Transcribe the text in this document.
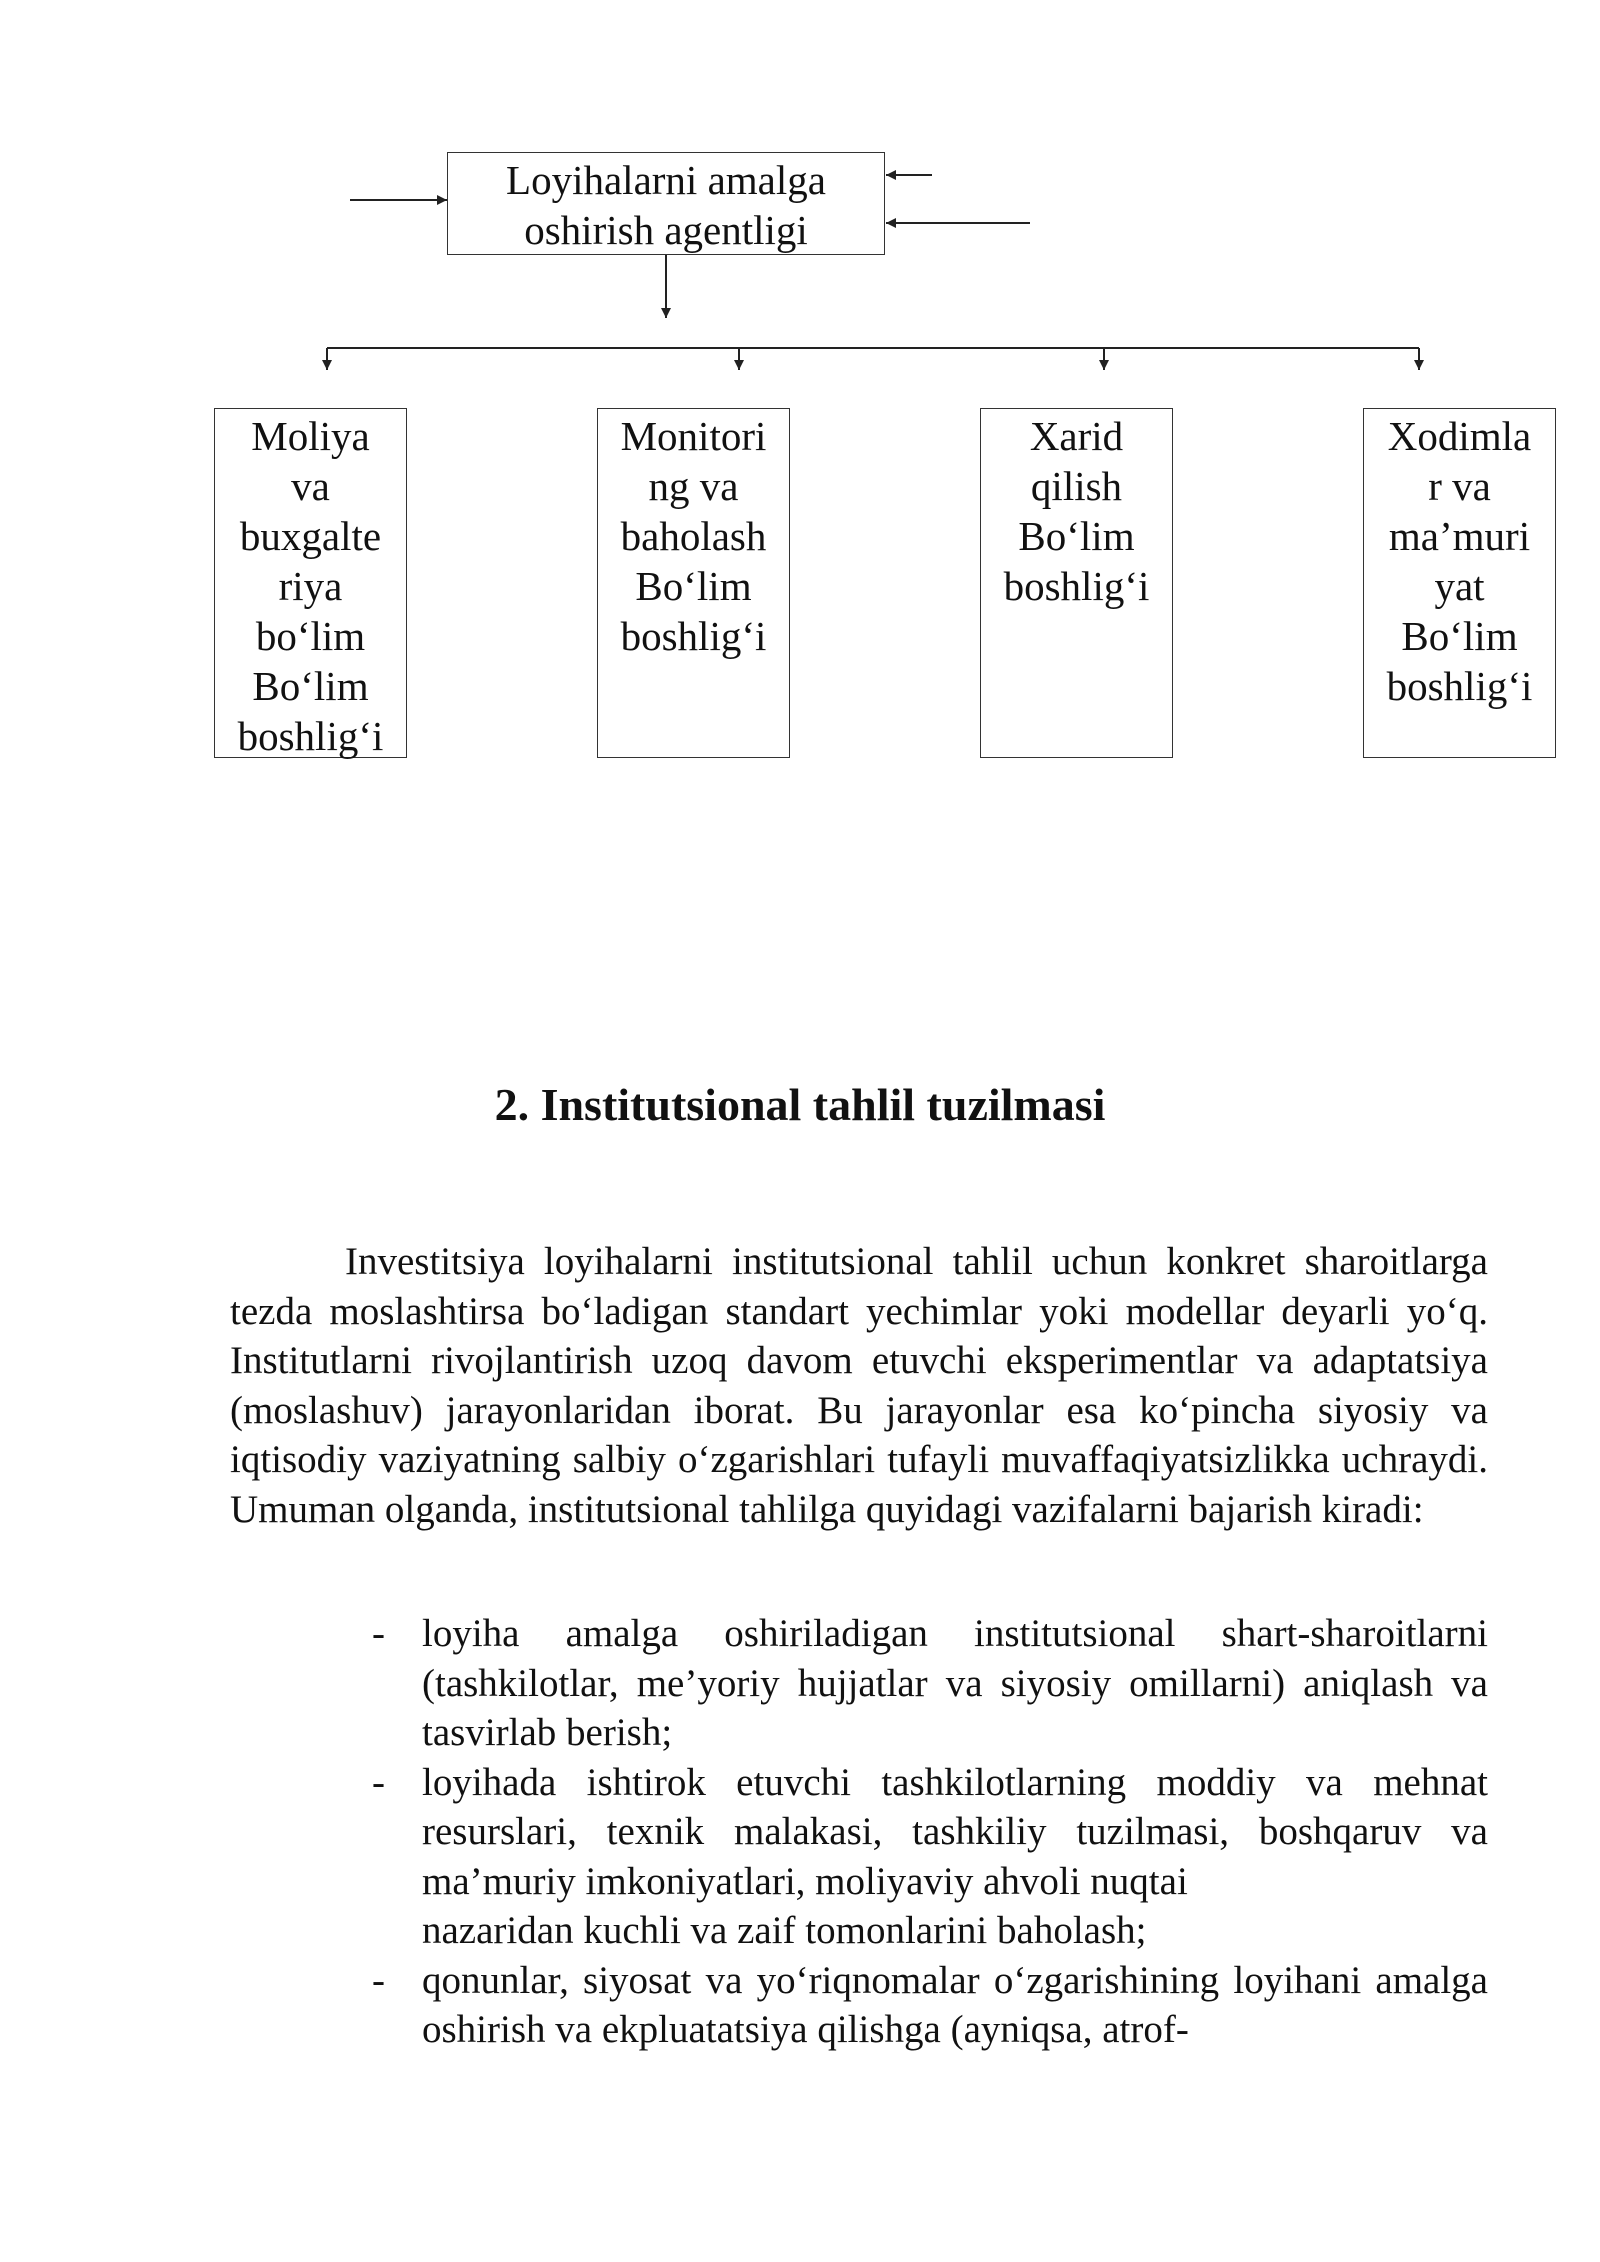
Loyihalarni amalga
oshirish agentligi
Moliya
va
buxgalte
riya
bo‘lim
Bo‘lim
boshlig‘i
Monitori
ng va
baholash
Bo‘lim
boshlig‘i
Xarid
qilish
Bo‘lim
boshlig‘i
Xodimla
r va
ma’muri
yat
Bo‘lim
boshlig‘i
2. Institutsional tahlil tuzilmasi

Investitsiya loyihalarni institutsional tahlil uchun konkret sharoitlarga tezda moslashtirsa bo‘ladigan standart yechimlar yoki modellar deyarli yo‘q. Institutlarni rivojlantirish uzoq davom etuvchi eksperimentlar va adaptatsiya (moslashuv) jarayonlaridan iborat. Bu jarayonlar esa ko‘pincha siyosiy va iqtisodiy vaziyatning salbiy o‘zgarishlari tufayli muvaffaqiyatsizlikka uchraydi. Umuman olganda, institutsional tahlilga quyidagi vazifalarni bajarish kiradi:

- loyiha amalga oshiriladigan institutsional shart-sharoitlarni (tashkilotlar, me’yoriy hujjatlar va siyosiy omillarni) aniqlash va tasvirlab berish;
- loyihada ishtirok etuvchi tashkilotlarning moddiy va mehnat resurslari, texnik malakasi, tashkiliy tuzilmasi, boshqaruv va ma’muriy imkoniyatlari, moliyaviy ahvoli nuqtai
nazaridan kuchli va zaif tomonlarini baholash;
- qonunlar, siyosat va yo‘riqnomalar o‘zgarishining loyihani amalga oshirish va ekpluatatsiya qilishga (ayniqsa, atrof-
